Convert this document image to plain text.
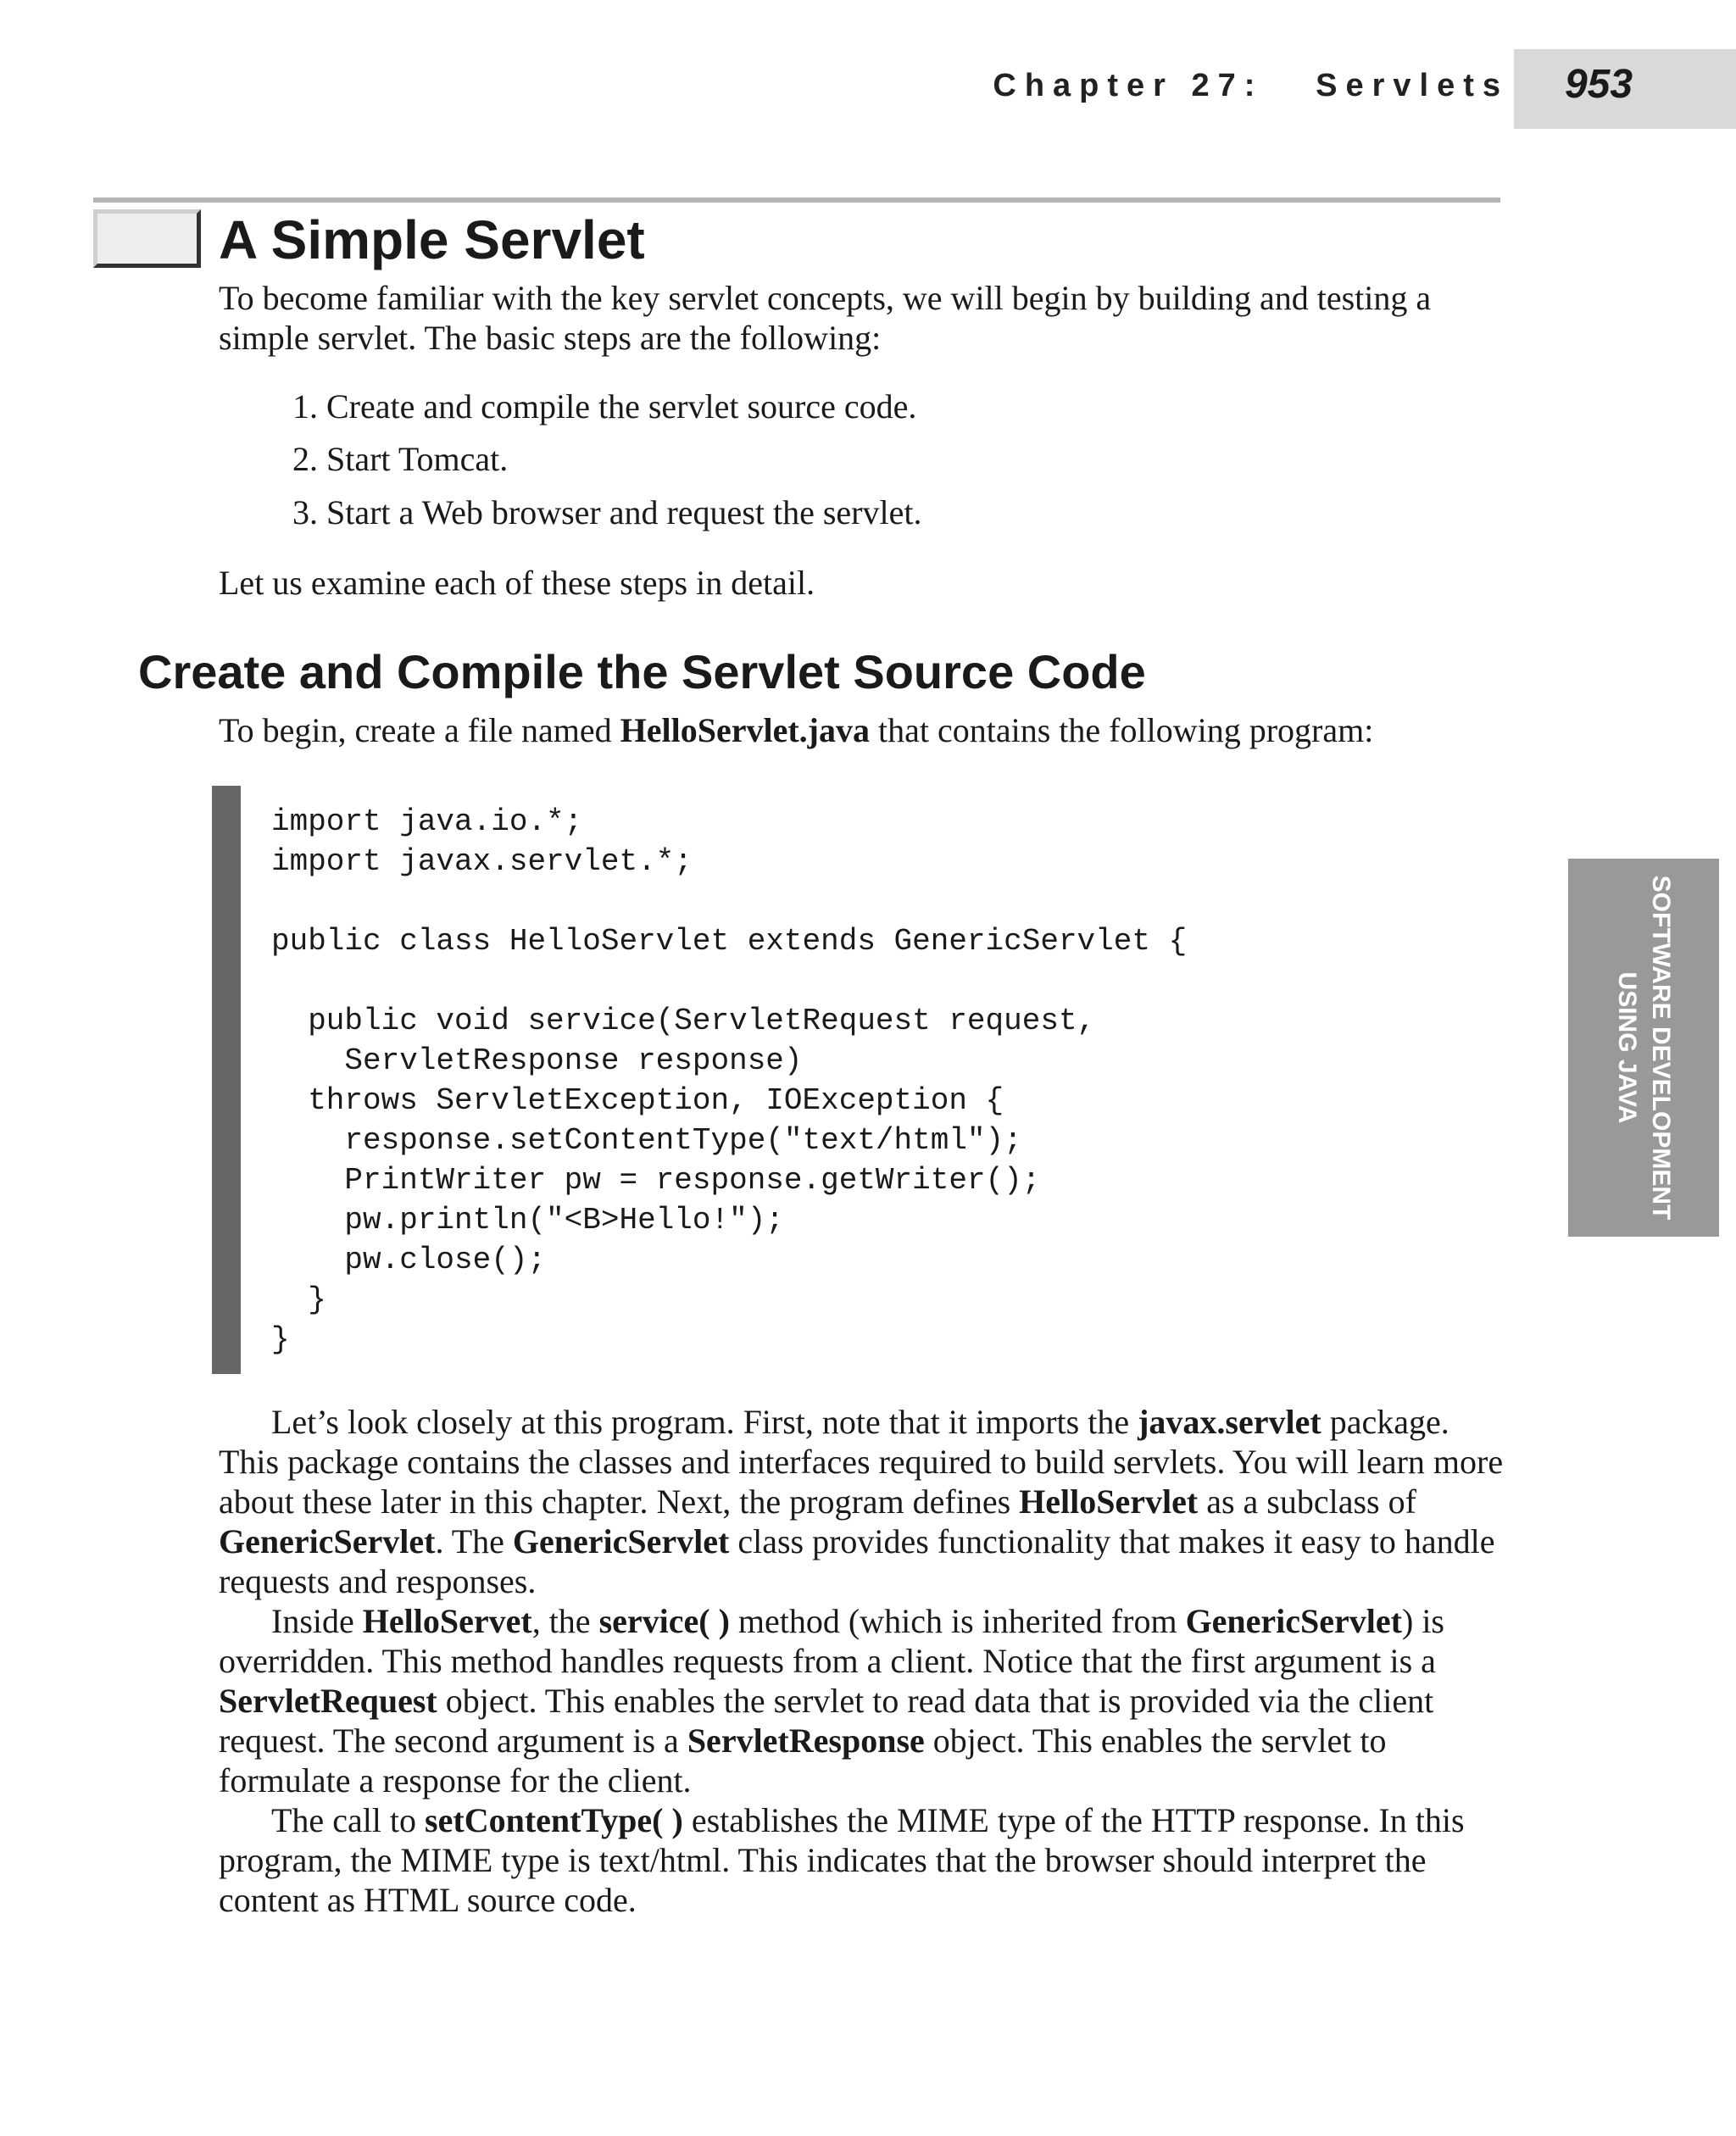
Chapter 27:   Servlets	953
A Simple Servlet
To become familiar with the key servlet concepts, we will begin by building and testing a simple servlet. The basic steps are the following:
1. Create and compile the servlet source code.
2. Start Tomcat.
3. Start a Web browser and request the servlet.
Let us examine each of these steps in detail.
Create and Compile the Servlet Source Code
To begin, create a file named HelloServlet.java that contains the following program:
import java.io.*;
import javax.servlet.*;

public class HelloServlet extends GenericServlet {

public void service(ServletRequest request,
ServletResponse response)
throws ServletException, IOException {
response.setContentType("text/html");
PrintWriter pw = response.getWriter();
pw.println("<B>Hello!");
pw.close();
}
}
Let’s look closely at this program. First, note that it imports the javax.servlet package. This package contains the classes and interfaces required to build servlets. You will learn more about these later in this chapter. Next, the program defines HelloServlet as a subclass of GenericServlet. The GenericServlet class provides functionality that makes it easy to handle requests and responses.
Inside HelloServet, the service( ) method (which is inherited from GenericServlet) is overridden. This method handles requests from a client. Notice that the first argument is a ServletRequest object. This enables the servlet to read data that is provided via the client request. The second argument is a ServletResponse object. This enables the servlet to formulate a response for the client.
The call to setContentType( ) establishes the MIME type of the HTTP response. In this program, the MIME type is text/html. This indicates that the browser should interpret the content as HTML source code.
SOFTWARE DEVELOPMENT
USING JAVA
